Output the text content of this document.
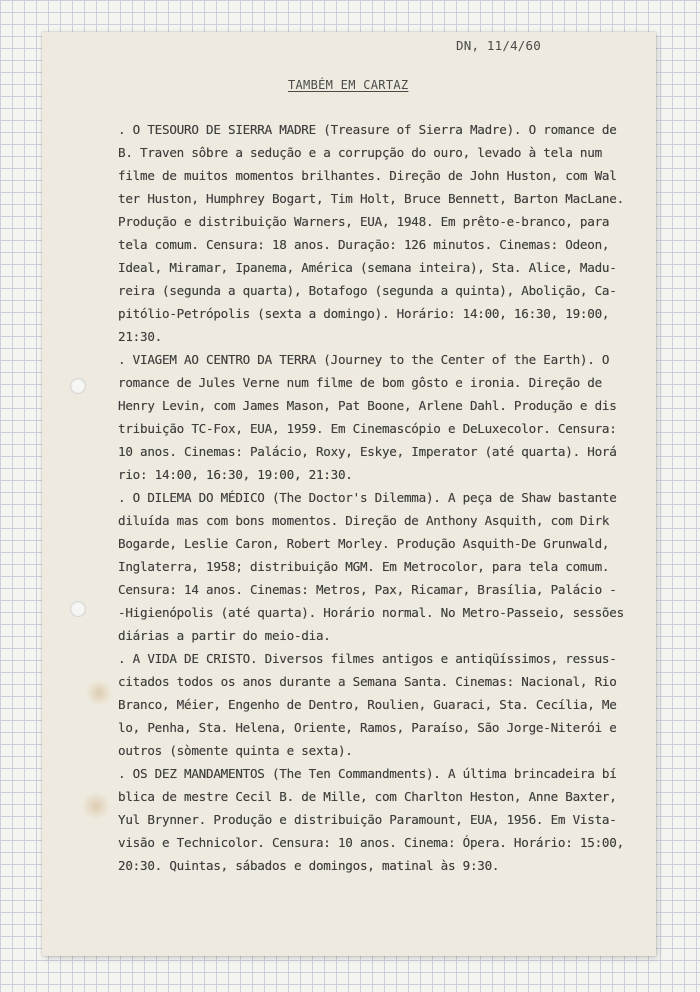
DN, 11/4/60
TAMBÉM EM CARTAZ
. O TESOURO DE SIERRA MADRE (Treasure of Sierra Madre). O romance de
B. Traven sôbre a sedução e a corrupção do ouro, levado à tela num
filme de muitos momentos brilhantes. Direção de John Huston, com Wal
ter Huston, Humphrey Bogart, Tim Holt, Bruce Bennett, Barton MacLane.
Produção e distribuição Warners, EUA, 1948. Em prêto-e-branco, para
tela comum. Censura: 18 anos. Duração: 126 minutos. Cinemas: Odeon,
Ideal, Miramar, Ipanema, América (semana inteira), Sta. Alice, Madu-
reira (segunda a quarta), Botafogo (segunda a quinta), Abolição, Ca-
pitólio-Petrópolis (sexta a domingo). Horário: 14:00, 16:30, 19:00,
21:30.
. VIAGEM AO CENTRO DA TERRA (Journey to the Center of the Earth). O
romance de Jules Verne num filme de bom gôsto e ironia. Direção de
Henry Levin, com James Mason, Pat Boone, Arlene Dahl. Produção e dis
tribuição TC-Fox, EUA, 1959. Em Cinemascópio e DeLuxecolor. Censura:
10 anos. Cinemas: Palácio, Roxy, Eskye, Imperator (até quarta). Horá
rio: 14:00, 16:30, 19:00, 21:30.
. O DILEMA DO MÉDICO (The Doctor's Dilemma). A peça de Shaw bastante
diluída mas com bons momentos. Direção de Anthony Asquith, com Dirk
Bogarde, Leslie Caron, Robert Morley. Produção Asquith-De Grunwald,
Inglaterra, 1958; distribuição MGM. Em Metrocolor, para tela comum.
Censura: 14 anos. Cinemas: Metros, Pax, Ricamar, Brasília, Palácio -
-Higienópolis (até quarta). Horário normal. No Metro-Passeio, sessões
diárias a partir do meio-dia.
. A VIDA DE CRISTO. Diversos filmes antigos e antiqüíssimos, ressus-
citados todos os anos durante a Semana Santa. Cinemas: Nacional, Rio
Branco, Méier, Engenho de Dentro, Roulien, Guaraci, Sta. Cecília, Me
lo, Penha, Sta. Helena, Oriente, Ramos, Paraíso, São Jorge-Niterói e
outros (sòmente quinta e sexta).
. OS DEZ MANDAMENTOS (The Ten Commandments). A última brincadeira bí
blica de mestre Cecil B. de Mille, com Charlton Heston, Anne Baxter,
Yul Brynner. Produção e distribuição Paramount, EUA, 1956. Em Vista-
visão e Technicolor. Censura: 10 anos. Cinema: Ópera. Horário: 15:00,
20:30. Quintas, sábados e domingos, matinal às 9:30.
